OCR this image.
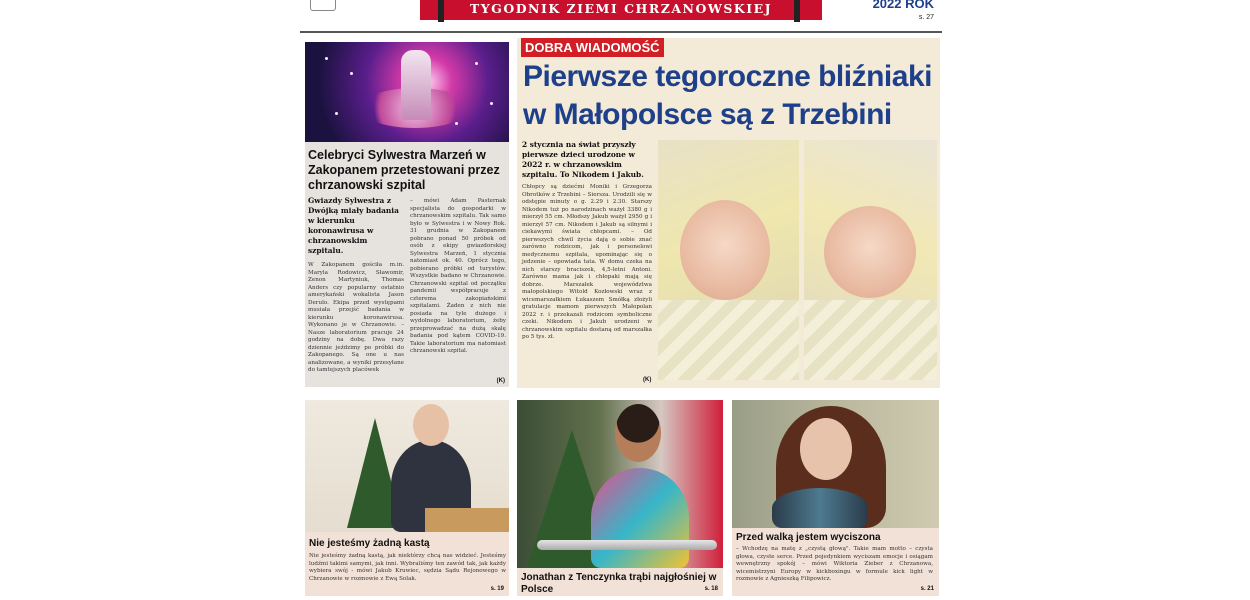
TYGODNIK ZIEMI CHRZANOWSKIEJ	2022 ROK
s. 27
Celebryci Sylwestra Marzeń w Zakopanem przetestowani przez chrzanowski szpital
Gwiazdy Sylwestra z Dwójką miały badania w kierunku koronawirusa w chrzanowskim szpitalu.
W Zakopanem gościła m.in. Maryla Rodowicz, Sławomir, Zenon Martyniuk, Thomas Anders czy popularny ostatnio amerykański wokalista Jason Derulo. Ekipa przed występami musiała przejść badania w kierunku koronawirusa. Wykonano je w Chrzanowie. – Nasze laboratorium pracuje 24 godziny na dobę. Dwa razy dziennie jeździmy po próbki do Zakopanego. Są one u nas analizowane, a wyniki przesyłane do tamtejszych placówek
– mówi Adam Pasternak specjalista do gospodarki w chrzanowskim szpitalu. Tak samo było w Sylwestra i w Nowy Rok. 31 grudnia w Zakopanem pobrano ponad 50 próbek od osób z ekipy gwiazdorskiej Sylwestra Marzeń, 1 stycznia natomiast ok. 40. Oprócz tego, pobierano próbki od turystów. Wszystkie badano w Chrzanowie. Chrzanowski szpital od początku pandemii współpracuje z czterema zakopiańskimi szpitalami. Żaden z nich nie posiada na tyle dużego i wydolnego laboratorium, żeby przeprowadzać na dużą skalę badania pod kątem COVID-19. Takie laboratorium ma natomiast chrzanowski szpital.
(K)
DOBRA WIADOMOŚĆ
Pierwsze tegoroczne bliźniaki w Małopolsce są z Trzebini
2 stycznia na świat przyszły pierwsze dzieci urodzone w 2022 r. w chrzanowskim szpitalu. To Nikodem i Jakub.
Chłopcy są dziećmi Moniki i Grzegorza Obrotków z Trzebini – Siersza. Urodzili się w odstępie minuty o g. 2.29 i 2.30. Starszy Nikodem tuż po narodzinach ważył 3380 g i mierzył 55 cm. Młodszy Jakub ważył 2950 g i mierzył 57 cm. Nikodem i Jakub są silnymi i ciekawymi świata chłopcami. – Od pierwszych chwil życia dają o sobie znać zarówno rodzicom, jak i personelowi medycznemu szpitala, upominając się o jedzenie – opowiada tata. W domu czeka na nich starszy braciszek, 4,5-letni Antoni. Zarówno mama jak i chłopaki mają się dobrze. Marszałek województwa małopolskiego Witold Kozłowski wraz z wicemarszałkiem Łukaszem Smółką złożyli gratulacje mamom pierwszych Małopolan 2022 r. i przekazali rodzicom symboliczne czeki. Nikodem i Jakub urodzeni w chrzanowskim szpitalu dostaną od marszałka po 5 tys. zł.
(K)
Nie jesteśmy żadną kastą
Nie jesteśmy żadną kastą, jak niektórzy chcą nas widzieć. Jesteśmy ludźmi takimi samymi, jak inni. Wybraliśmy ten zawód tak, jak każdy wybiera swój - mówi Jakub Kruwiec, sędzia Sądu Rejonowego w Chrzanowie w rozmowie z Ewą Solak.
s. 19
Jonathan z Tenczynka trąbi najgłośniej w Polsce	s. 18
Przed walką jestem wyciszona
– Wchodzę na matę z „czystą głową". Takie mam motto – czysta głowa, czyste serce. Przed pojedynkiem wyciszam emocje i osiągam wewnętrzny spokój – mówi Wiktoria Zieber z Chrzanowa, wicemistrzyni Europy w kickboxingu w formule kick light w rozmowie z Agnieszką Filipowicz.
s. 21
